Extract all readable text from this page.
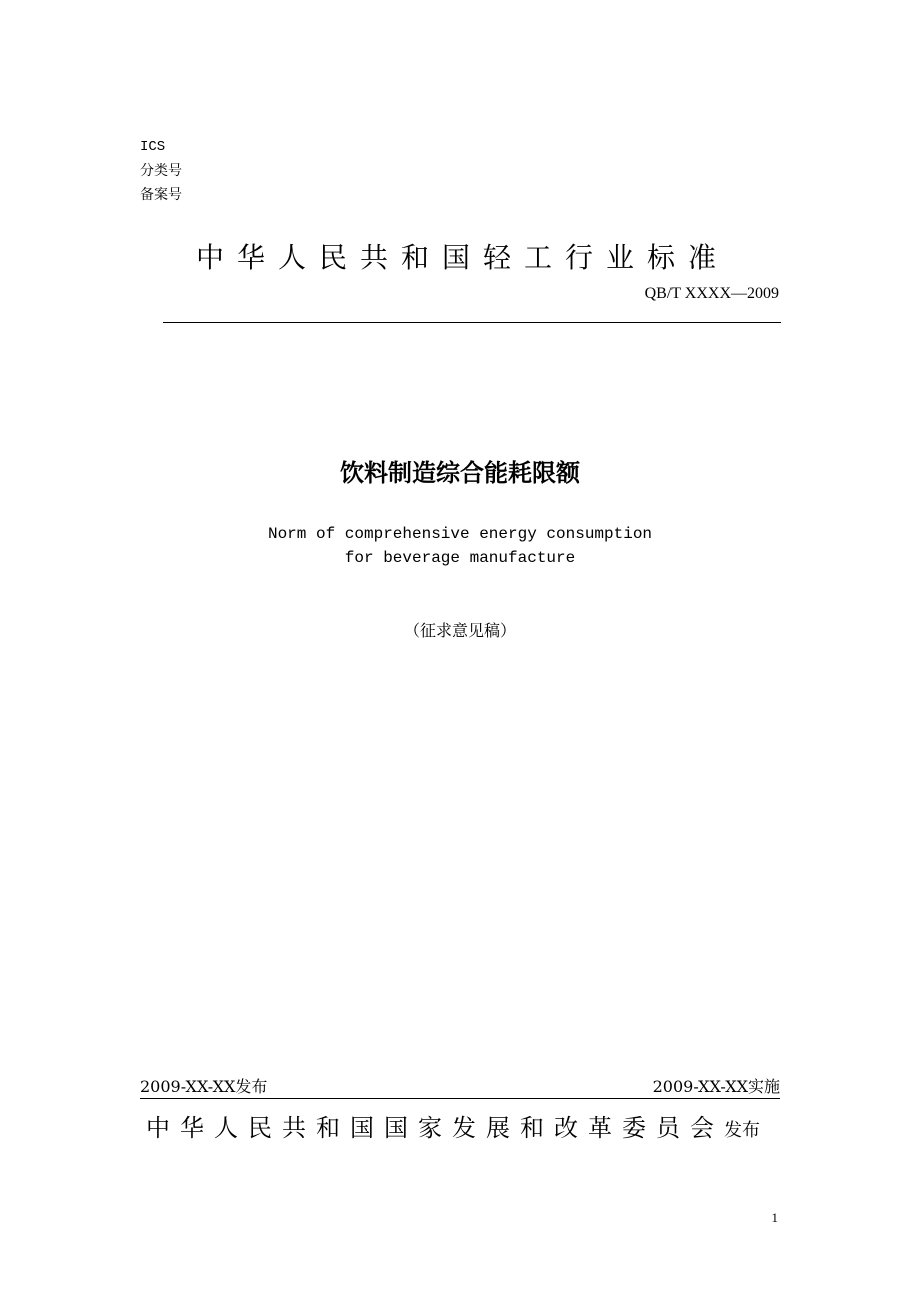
ICS
分类号
备案号
中华人民共和国轻工行业标准
QB/T XXXX—2009
饮料制造综合能耗限额
Norm of comprehensive energy consumption
for beverage manufacture
（征求意见稿）
2009-XX-XX发布	2009-XX-XX实施
中华人民共和国国家发展和改革委员会发布
1
